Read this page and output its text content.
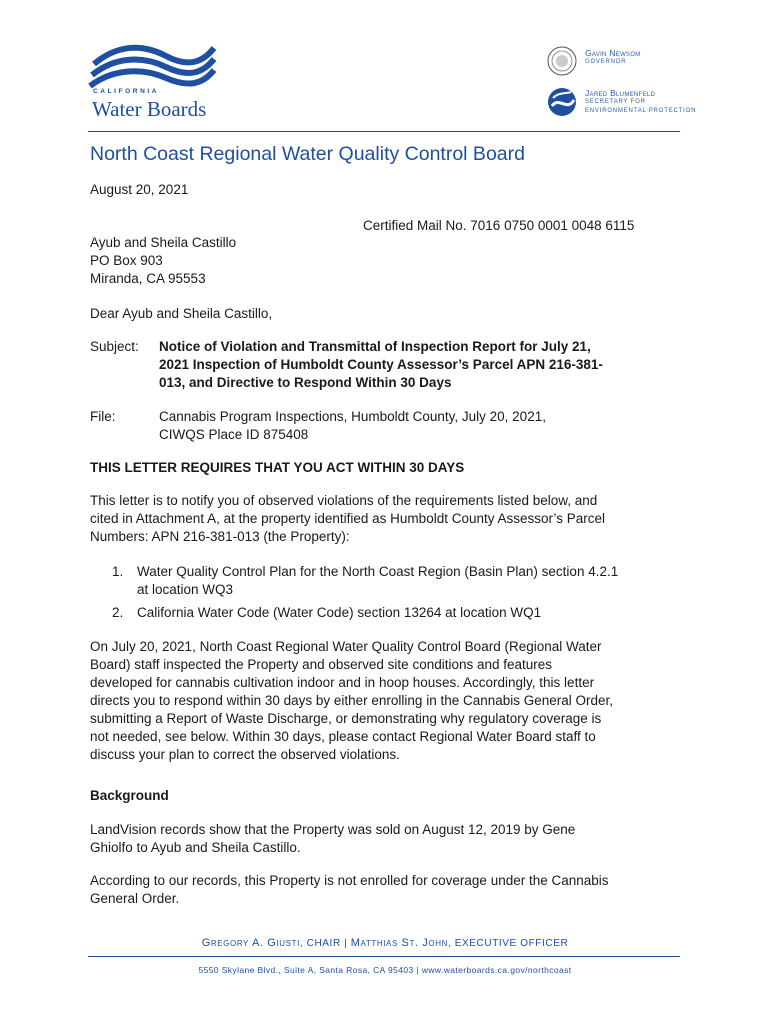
CALIFORNIA
Water Boards
Gavin Newsom
GOVERNOR
Jared Blumenfeld
SECRETARY FOR
ENVIRONMENTAL PROTECTION
North Coast Regional Water Quality Control Board
August 20, 2021
Certified Mail No. 7016 0750 0001 0048 6115
Ayub and Sheila Castillo
PO Box 903
Miranda, CA 95553
Dear Ayub and Sheila Castillo,
Subject: Notice of Violation and Transmittal of Inspection Report for July 21,
2021 Inspection of Humboldt County Assessor’s Parcel APN 216-381-
013, and Directive to Respond Within 30 Days
File:	Cannabis Program Inspections, Humboldt County, July 20, 2021,
CIWQS Place ID 875408
THIS LETTER REQUIRES THAT YOU ACT WITHIN 30 DAYS
This letter is to notify you of observed violations of the requirements listed below, and
cited in Attachment A, at the property identified as Humboldt County Assessor’s Parcel
Numbers: APN 216-381-013 (the Property):
1. Water Quality Control Plan for the North Coast Region (Basin Plan) section 4.2.1
at location WQ3
2. California Water Code (Water Code) section 13264 at location WQ1
On July 20, 2021, North Coast Regional Water Quality Control Board (Regional Water
Board) staff inspected the Property and observed site conditions and features
developed for cannabis cultivation indoor and in hoop houses. Accordingly, this letter
directs you to respond within 30 days by either enrolling in the Cannabis General Order,
submitting a Report of Waste Discharge, or demonstrating why regulatory coverage is
not needed, see below. Within 30 days, please contact Regional Water Board staff to
discuss your plan to correct the observed violations.
Background
LandVision records show that the Property was sold on August 12, 2019 by Gene
Ghiolfo to Ayub and Sheila Castillo.
According to our records, this Property is not enrolled for coverage under the Cannabis
General Order.
Gregory A. Giusti, CHAIR | Matthias St. John, EXECUTIVE OFFICER
5550 Skylane Blvd., Suite A, Santa Rosa, CA 95403 | www.waterboards.ca.gov/northcoast
